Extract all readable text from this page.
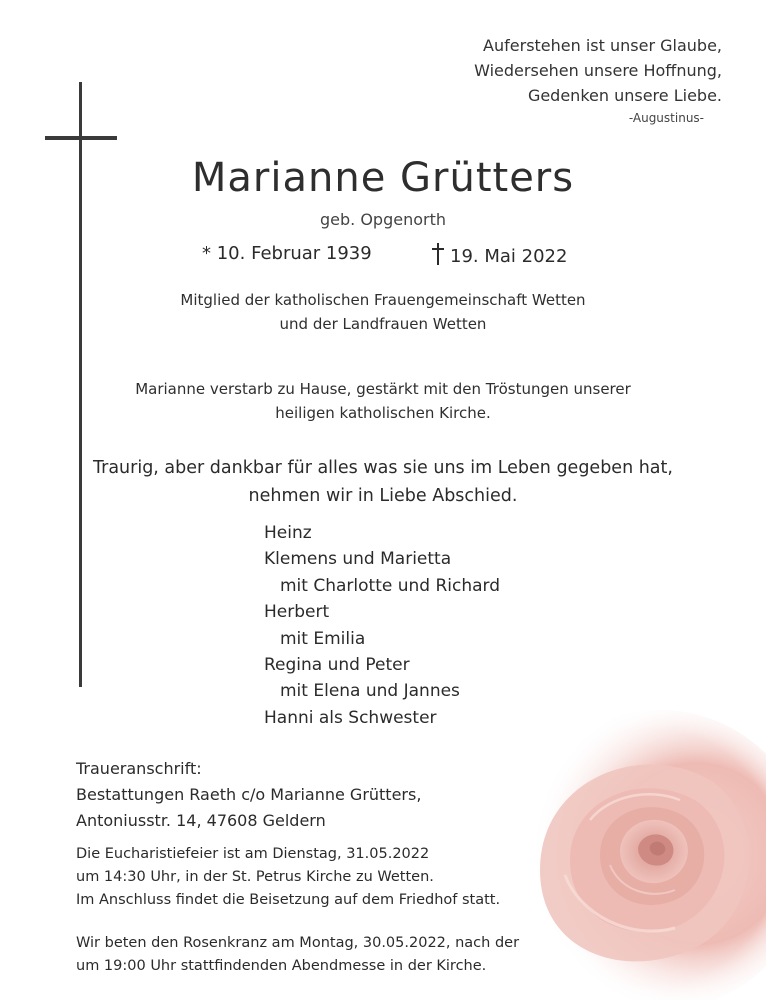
Auferstehen ist unser Glaube,
Wiedersehen unsere Hoffnung,
Gedenken unsere Liebe.
-Augustinus-
Marianne Grütters
geb. Opgenorth
* 10. Februar 1939	19. Mai 2022
Mitglied der katholischen Frauengemeinschaft Wetten
und der Landfrauen Wetten
Marianne verstarb zu Hause, gestärkt mit den Tröstungen unserer
heiligen katholischen Kirche.
Traurig, aber dankbar für alles was sie uns im Leben gegeben hat,
nehmen wir in Liebe Abschied.
Heinz
Klemens und Marietta
mit Charlotte und Richard
Herbert
mit Emilia
Regina und Peter
mit Elena und Jannes
Hanni als Schwester
Traueranschrift:
Bestattungen Raeth c/o Marianne Grütters,
Antoniusstr. 14, 47608 Geldern
Die Eucharistiefeier ist am Dienstag, 31.05.2022
um 14:30 Uhr, in der St. Petrus Kirche zu Wetten.
Im Anschluss findet die Beisetzung auf dem Friedhof statt.
Wir beten den Rosenkranz am Montag, 30.05.2022, nach der
um 19:00 Uhr stattfindenden Abendmesse in der Kirche.
